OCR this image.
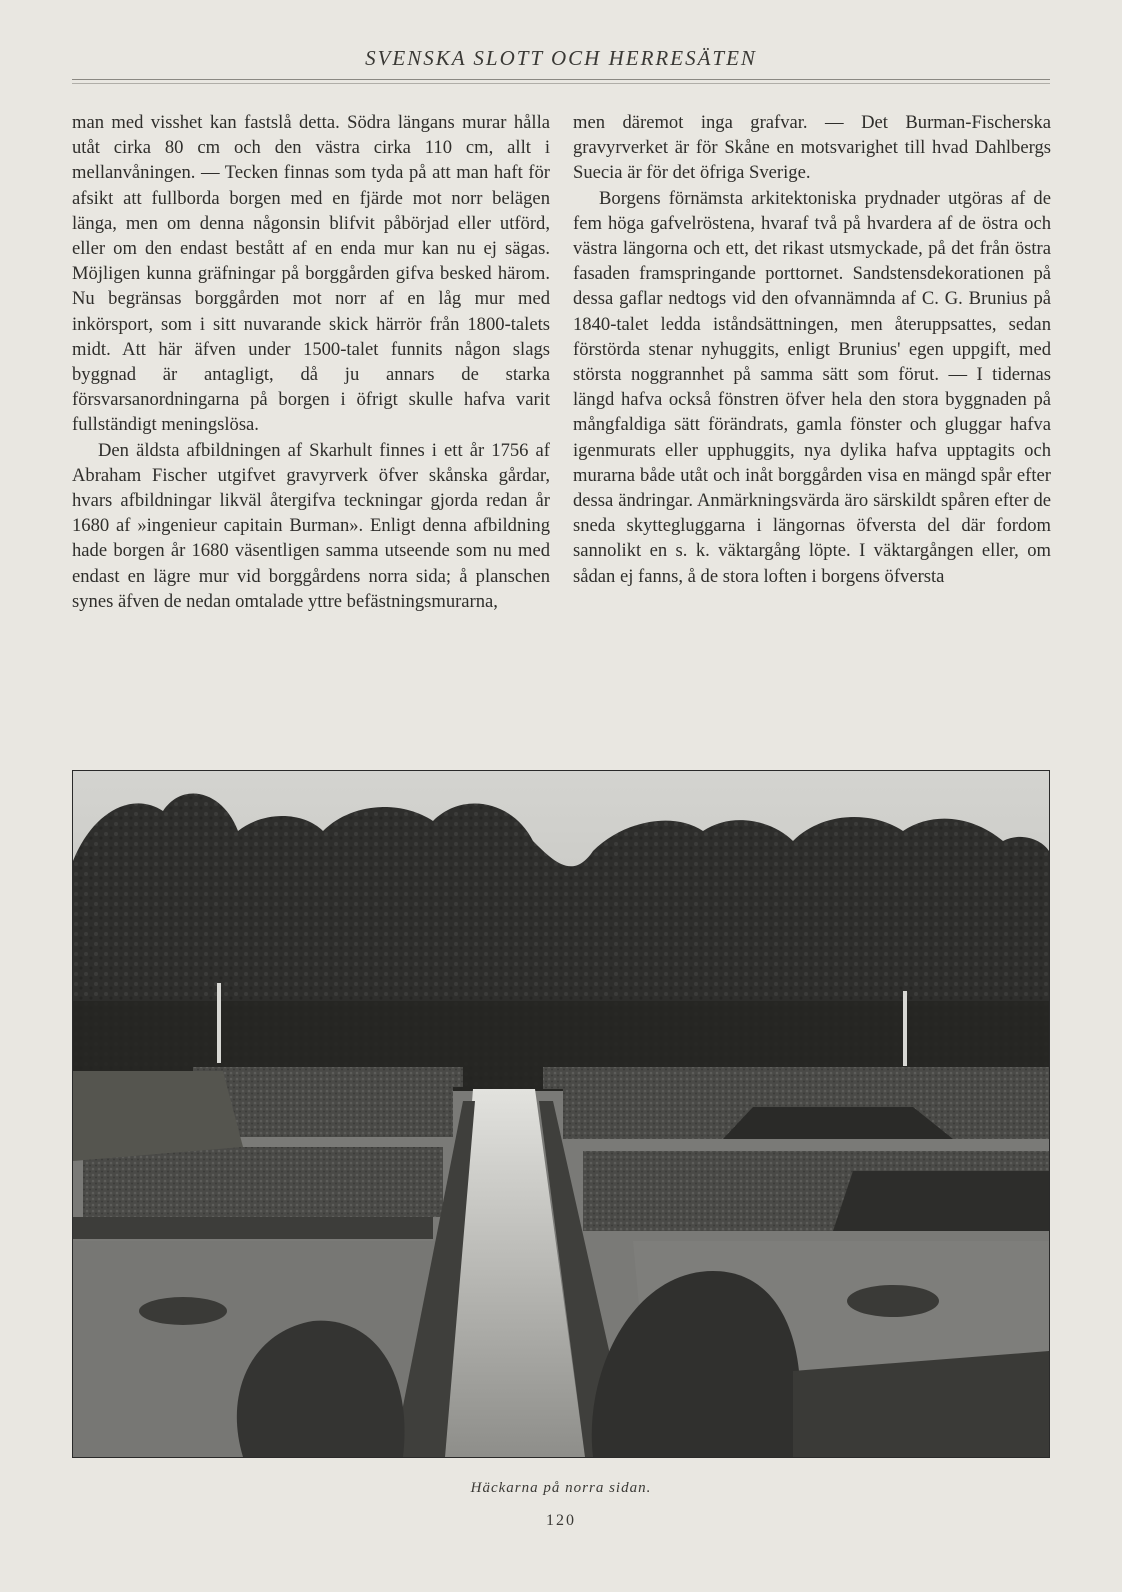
SVENSKA SLOTT OCH HERRESÄTEN

man med visshet kan fastslå detta. Södra längans murar hålla utåt cirka 80 cm och den västra cirka 110 cm, allt i mellanvåningen. — Tecken finnas som tyda på att man haft för afsikt att fullborda borgen med en fjärde mot norr belägen länga, men om denna någonsin blifvit påbörjad eller utförd, eller om den endast bestått af en enda mur kan nu ej sägas. Möjligen kunna gräfningar på borggården gifva besked härom. Nu begränsas borggården mot norr af en låg mur med inkörsport, som i sitt nuvarande skick härrör från 1800-talets midt. Att här äfven under 1500-talet funnits någon slags byggnad är antagligt, då ju annars de starka försvarsanordningarna på borgen i öfrigt skulle hafva varit fullständigt meningslösa.

Den äldsta afbildningen af Skarhult finnes i ett år 1756 af Abraham Fischer utgifvet gravyrverk öfver skånska gårdar, hvars afbildningar likväl återgifva teckningar gjorda redan år 1680 af »ingenieur capitain Burman». Enligt denna afbildning hade borgen år 1680 väsentligen samma utseende som nu med endast en lägre mur vid borggårdens norra sida; å planschen synes äfven de nedan omtalade yttre befästningsmurarna,

men däremot inga grafvar. — Det Burman-Fischerska gravyrverket är för Skåne en motsvarighet till hvad Dahlbergs Suecia är för det öfriga Sverige.

Borgens förnämsta arkitektoniska prydnader utgöras af de fem höga gafvelröstena, hvaraf två på hvardera af de östra och västra längorna och ett, det rikast utsmyckade, på det från östra fasaden framspringande porttornet. Sandstensdekorationen på dessa gaflar nedtogs vid den ofvannämnda af C. G. Brunius på 1840-talet ledda iståndsättningen, men återuppsattes, sedan förstörda stenar nyhuggits, enligt Brunius' egen uppgift, med största noggrannhet på samma sätt som förut. — I tidernas längd hafva också fönstren öfver hela den stora byggnaden på mångfaldiga sätt förändrats, gamla fönster och gluggar hafva igenmurats eller upphuggits, nya dylika hafva upptagits och murarna både utåt och inåt borggården visa en mängd spår efter dessa ändringar. Anmärkningsvärda äro särskildt spåren efter de sneda skyttegluggarna i längornas öfversta del där fordom sannolikt en s. k. väktargång löpte. I väktargången eller, om sådan ej fanns, å de stora loften i borgens öfversta

Häckarna på norra sidan.
120
